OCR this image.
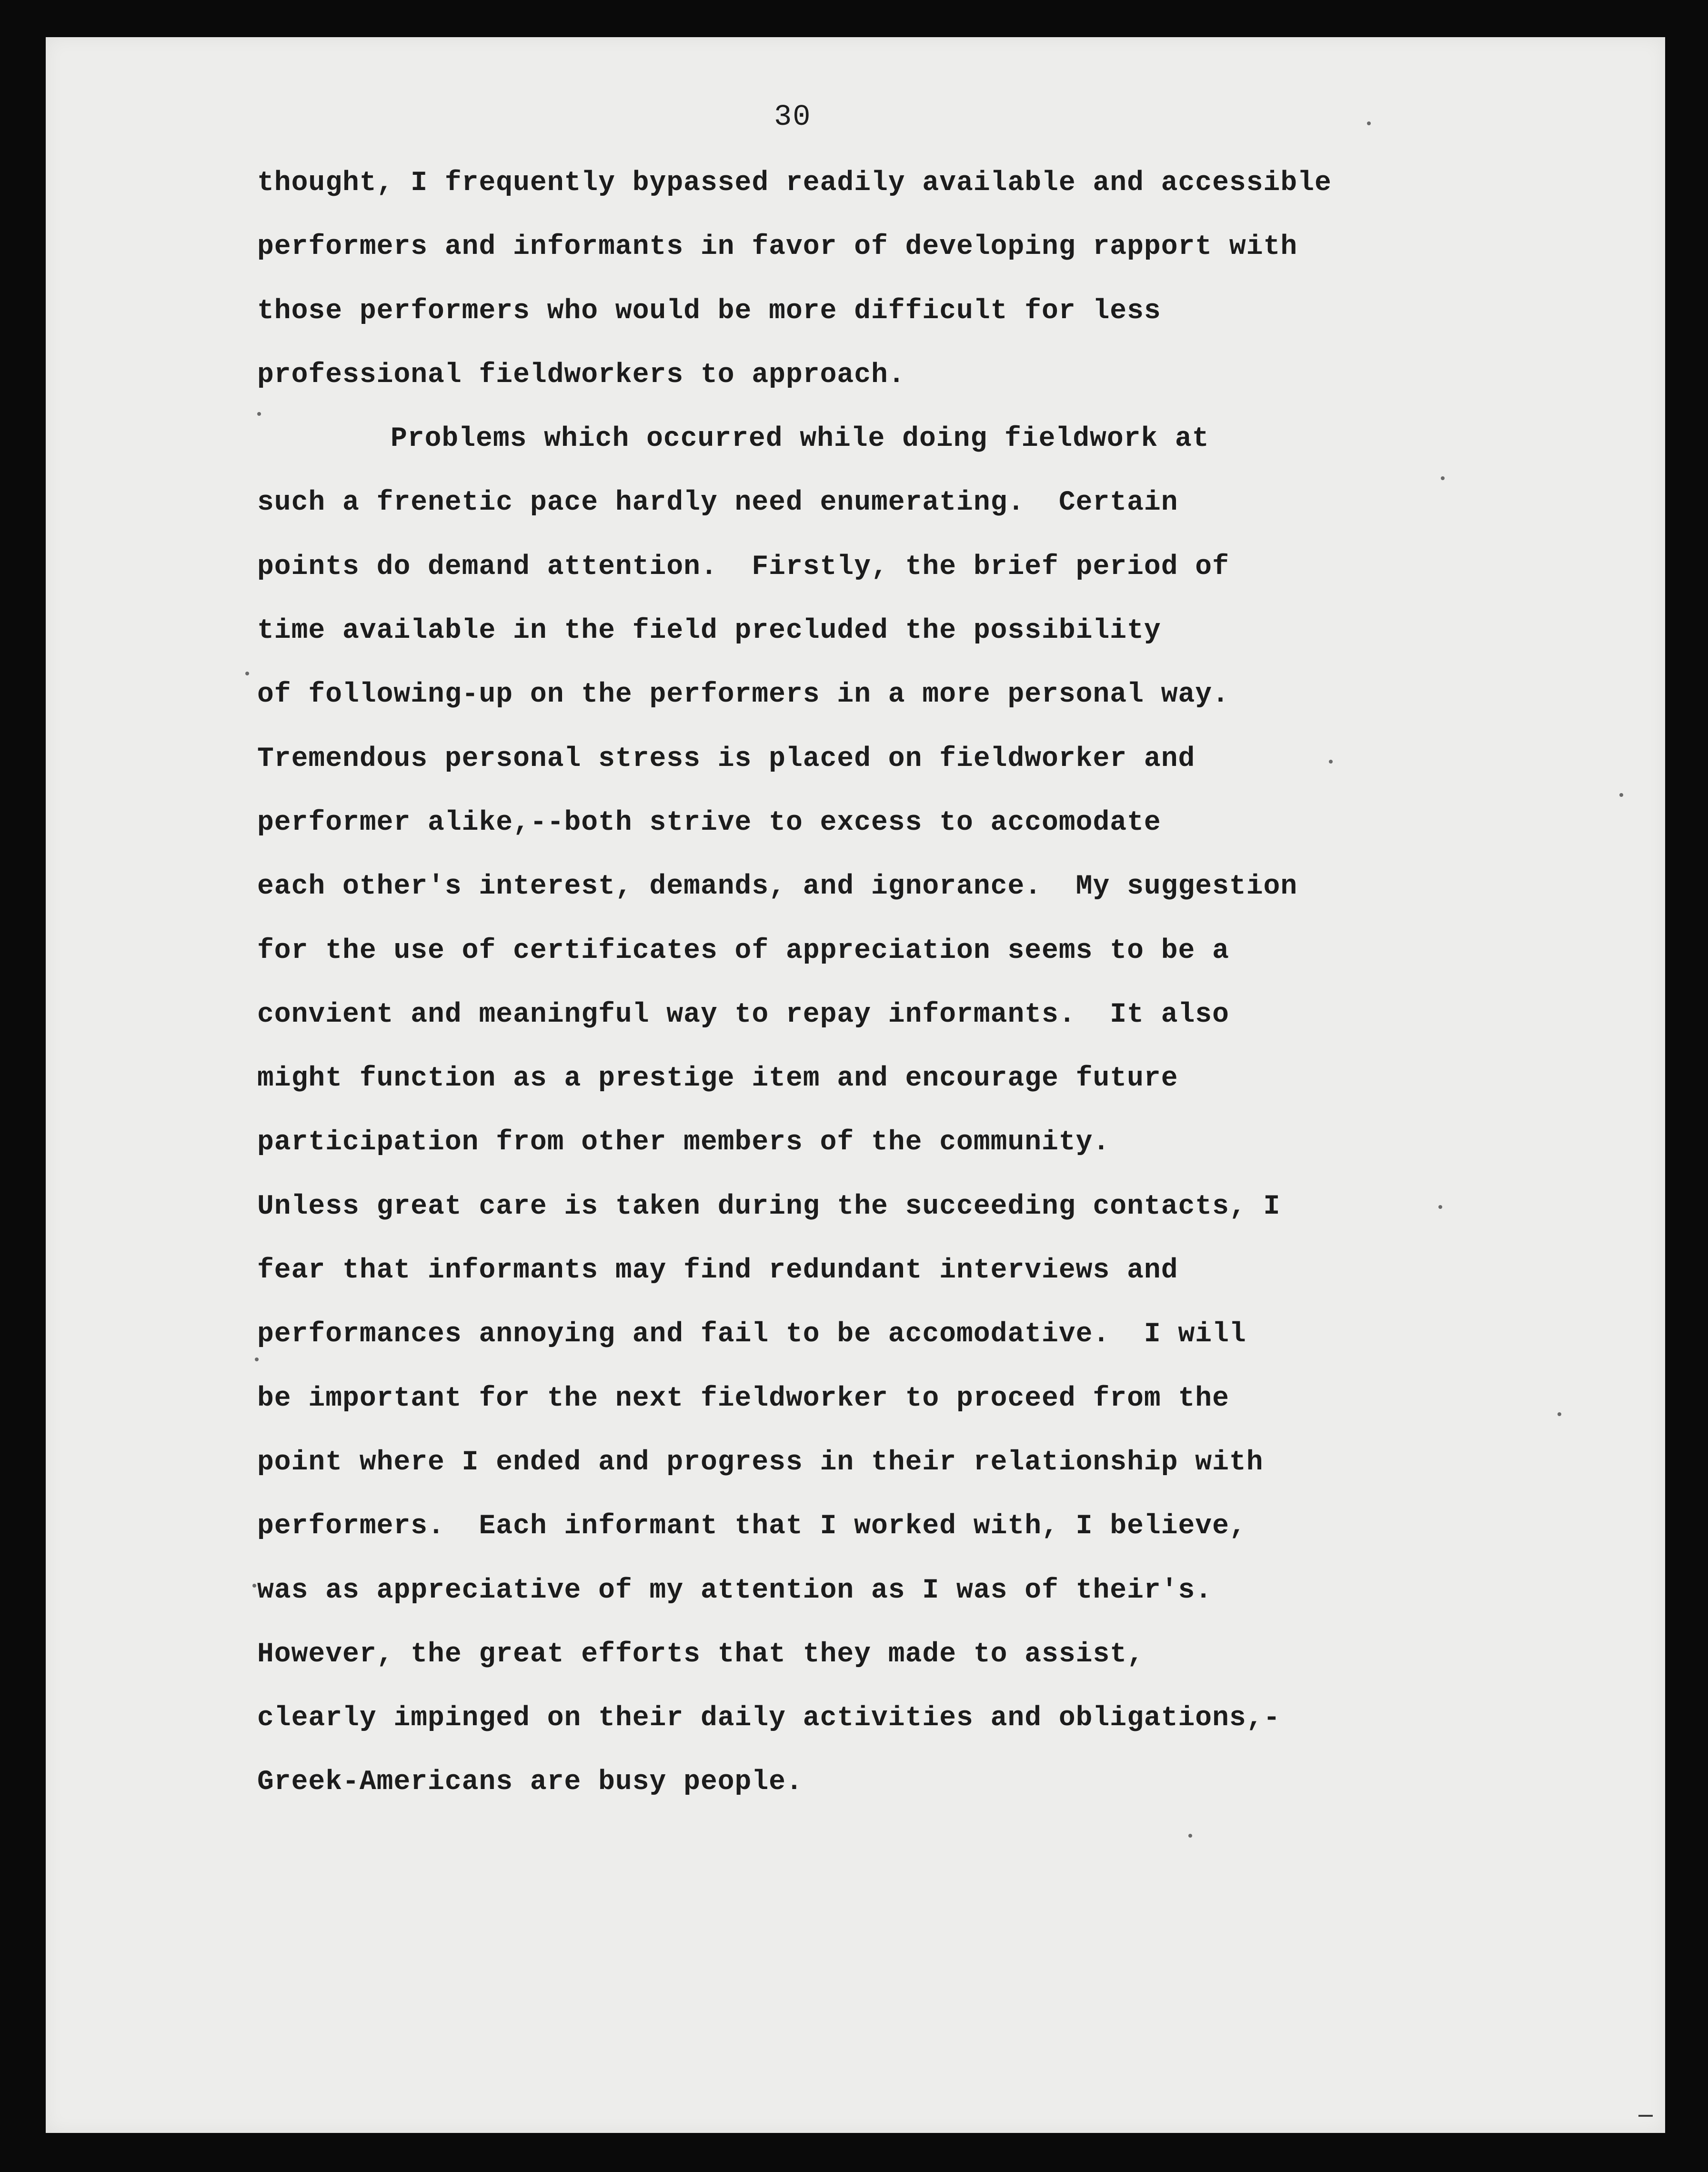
30
thought, I frequently bypassed readily available and accessible
performers and informants in favor of developing rapport with
those performers who would be more difficult for less
professional fieldworkers to approach.
Problems which occurred while doing fieldwork at
such a frenetic pace hardly need enumerating.  Certain
points do demand attention.  Firstly, the brief period of
time available in the field precluded the possibility
of following-up on the performers in a more personal way.
Tremendous personal stress is placed on fieldworker and
performer alike,--both strive to excess to accomodate
each other's interest, demands, and ignorance.  My suggestion
for the use of certificates of appreciation seems to be a
convient and meaningful way to repay informants.  It also
might function as a prestige item and encourage future
participation from other members of the community.
Unless great care is taken during the succeeding contacts, I
fear that informants may find redundant interviews and
performances annoying and fail to be accomodative.  I will
be important for the next fieldworker to proceed from the
point where I ended and progress in their relationship with
performers.  Each informant that I worked with, I believe,
was as appreciative of my attention as I was of their's.
However, the great efforts that they made to assist,
clearly impinged on their daily activities and obligations,-
Greek-Americans are busy people.
